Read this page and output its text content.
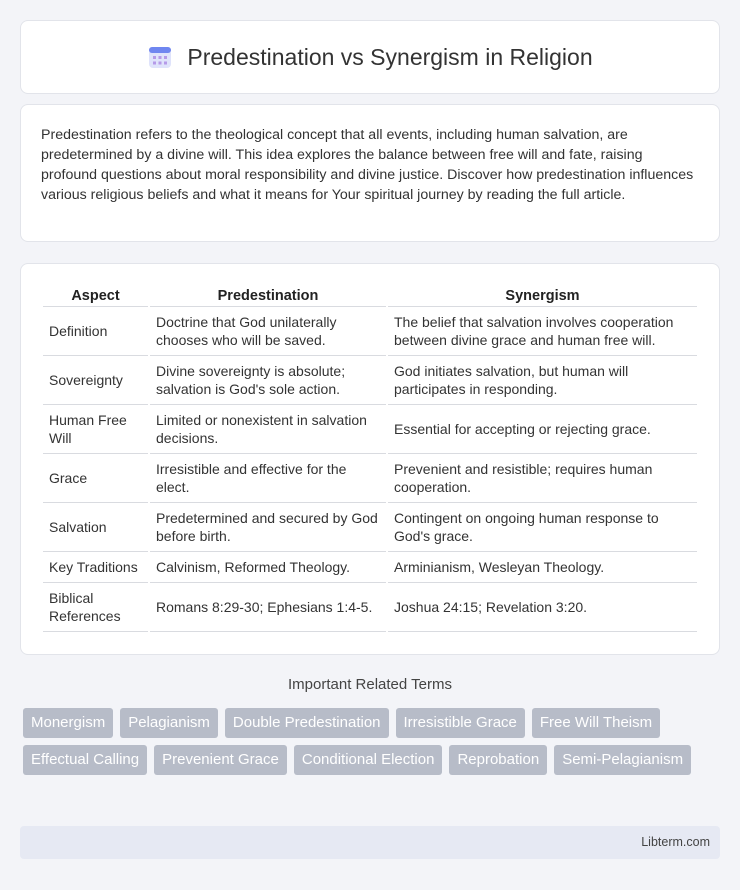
Predestination vs Synergism in Religion

Predestination refers to the theological concept that all events, including human salvation, are predetermined by a divine will. This idea explores the balance between free will and fate, raising profound questions about moral responsibility and divine justice. Discover how predestination influences various religious beliefs and what it means for Your spiritual journey by reading the full article.

Aspect	Predestination	Synergism
Definition	Doctrine that God unilaterally chooses who will be saved.	The belief that salvation involves cooperation between divine grace and human free will.
Sovereignty	Divine sovereignty is absolute; salvation is God's sole action.	God initiates salvation, but human will participates in responding.
Human Free Will	Limited or nonexistent in salvation decisions.	Essential for accepting or rejecting grace.
Grace	Irresistible and effective for the elect.	Prevenient and resistible; requires human cooperation.
Salvation	Predetermined and secured by God before birth.	Contingent on ongoing human response to God's grace.
Key Traditions	Calvinism, Reformed Theology.	Arminianism, Wesleyan Theology.
Biblical References	Romans 8:29-30; Ephesians 1:4-5.	Joshua 24:15; Revelation 3:20.
Important Related Terms
Monergism	Pelagianism	Double Predestination	Irresistible Grace	Free Will Theism
Effectual Calling	Prevenient Grace	Conditional Election	Reprobation	Semi-Pelagianism
Libterm.com
